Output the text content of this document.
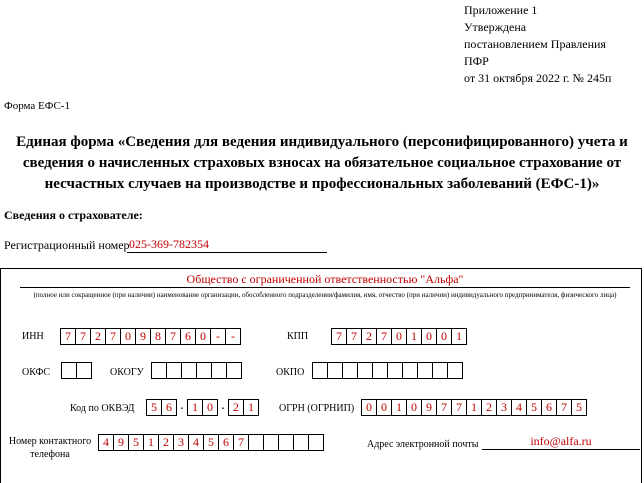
Приложение 1
Утверждена
постановлением Правления
ПФР
от 31 октября 2022 г. № 245п
Форма ЕФС-1
Единая форма «Сведения для ведения индивидуального (персонифицированного) учета и
сведения о начисленных страховых взносах на обязательное социальное страхование от
несчастных случаев на производстве и профессиональных заболеваний (ЕФС-1)»
Сведения о страхователе:
Регистрационный номер 025-369-782354
Общество с ограниченной ответственностью "Альфа"
(полное или сокращенное (при наличии) наименование организации, обособленного подразделения/фамилия, имя, отчество (при наличии) индивидуального предпринимателя, физического лица)
ИНН	7 7 2 7 0 9 8 7 6 0 - -	КПП	7 7 2 7 0 1 0 0 1
ОКФС	ОКОГУ	ОКПО
Код по ОКВЭД	5 6 . 1 0 . 2 1	ОГРН (ОГРНИП) 0 0 1 0 9 7 7 1 2 3 4 5 6 7 5
Номер контактного
телефона
4 9 5 1 2 3 4 5 6 7	Адрес электронной почты	info@alfa.ru
